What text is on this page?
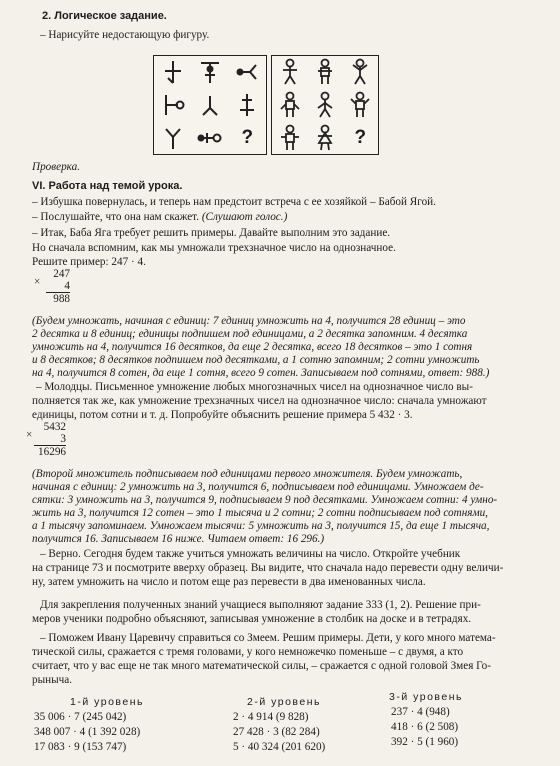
2. Логическое задание.
– Нарисуйте недостающую фигуру.
?	?
Проверка.
VI. Работа над темой урока.
– Избушка повернулась, и теперь нам предстоит встреча с ее хозяйкой – Бабой Ягой.
– Послушайте, что она нам скажет. (Слушают голос.)
– Итак, Баба Яга требует решить примеры. Давайте выполним это задание.
Но сначала вспомним, как мы умножали трехзначное число на однозначное.
Решите пример: 247 · 4.
×
247
4
988
(Будем умножать, начиная с единиц: 7 единиц умножить на 4, получится 28 единиц – это
2 десятка и 8 единиц; единицы подпишем под единицами, а 2 десятка запомним. 4 десятка
умножить на 4, получится 16 десятков, да еще 2 десятка, всего 18 десятков – это 1 сотня
и 8 десятков; 8 десятков подпишем под десятками, а 1 сотню запомним; 2 сотни умножить
на 4, получится 8 сотен, да еще 1 сотня, всего 9 сотен. Записываем под сотнями, ответ: 988.)
– Молодцы. Письменное умножение любых многозначных чисел на однозначное число вы-
полняется так же, как умножение трехзначных чисел на однозначное число: сначала умножают
единицы, потом сотни и т. д. Попробуйте объяснить решение примера 5 432 · 3.
×
5432
3
16296
(Второй множитель подписываем под единицами первого множителя. Будем умножать,
начиная с единиц: 2 умножить на 3, получится 6, подписываем под единицами. Умножаем де-
сятки: 3 умножить на 3, получится 9, подписываем 9 под десятками. Умножаем сотни: 4 умно-
жить на 3, получится 12 сотен – это 1 тысяча и 2 сотни; 2 сотни подписываем под сотнями,
а 1 тысячу запоминаем. Умножаем тысячи: 5 умножить на 3, получится 15, да еще 1 тысяча,
получится 16. Записываем 16 ниже. Читаем ответ: 16 296.)
– Верно. Сегодня будем также учиться умножать величины на число. Откройте учебник
на странице 73 и посмотрите вверху образец. Вы видите, что сначала надо перевести одну величи-
ну, затем умножить на число и потом еще раз перевести в два именованных числа.
Для закрепления полученных знаний учащиеся выполняют задание 333 (1, 2). Решение при-
меров ученики подробно объясняют, записывая умножение в столбик на доске и в тетрадях.
– Поможем Ивану Царевичу справиться со Змеем. Решим примеры. Дети, у кого много матема-
тической силы, сражается с тремя головами, у кого немножечко поменьше – с двумя, а кто
считает, что у вас еще не так много математической силы, – сражается с одной головой Змея Го-
рыныча.
1-й уровень
35 006 · 7 (245 042)
348 007 · 4 (1 392 028)
17 083 · 9 (153 747)
2-й уровень
2 · 4 914 (9 828)
27 428 · 3 (82 284)
5 · 40 324 (201 620)
3-й уровень
237 · 4 (948)
418 · 6 (2 508)
392 · 5 (1 960)
